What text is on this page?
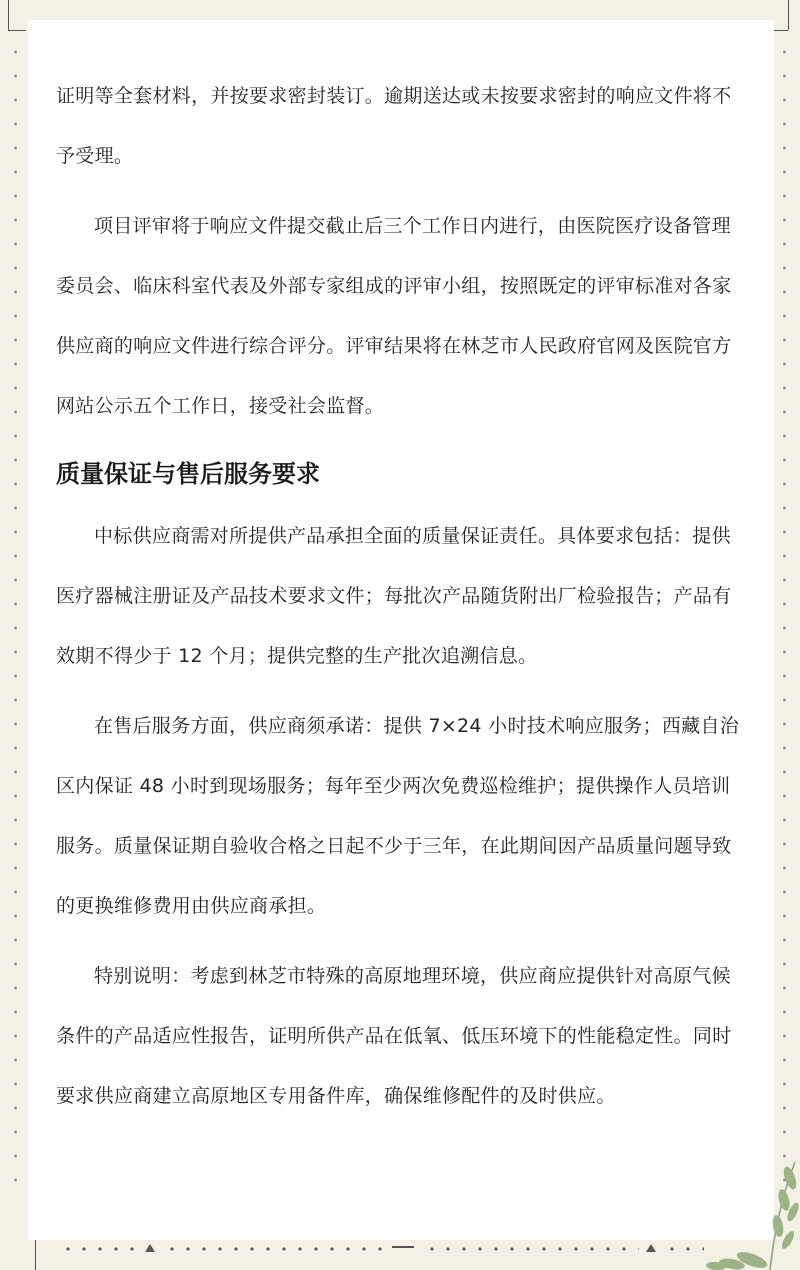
证明等全套材料，并按要求密封装订。逾期送达或未按要求密封的响应文件将不予受理。

项目评审将于响应文件提交截止后三个工作日内进行，由医院医疗设备管理委员会、临床科室代表及外部专家组成的评审小组，按照既定的评审标准对各家供应商的响应文件进行综合评分。评审结果将在林芝市人民政府官网及医院官方网站公示五个工作日，接受社会监督。

质量保证与售后服务要求

中标供应商需对所提供产品承担全面的质量保证责任。具体要求包括：提供医疗器械注册证及产品技术要求文件；每批次产品随货附出厂检验报告；产品有效期不得少于 12 个月；提供完整的生产批次追溯信息。

在售后服务方面，供应商须承诺：提供 7×24 小时技术响应服务；西藏自治区内保证 48 小时到现场服务；每年至少两次免费巡检维护；提供操作人员培训服务。质量保证期自验收合格之日起不少于三年，在此期间因产品质量问题导致的更换维修费用由供应商承担。

特别说明：考虑到林芝市特殊的高原地理环境，供应商应提供针对高原气候条件的产品适应性报告，证明所供产品在低氧、低压环境下的性能稳定性。同时要求供应商建立高原地区专用备件库，确保维修配件的及时供应。
